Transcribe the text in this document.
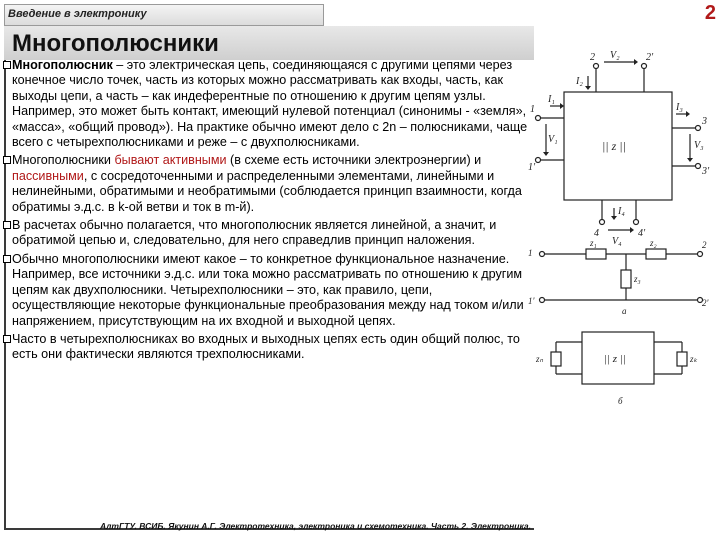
Введение в электронику	2
Многополюсники
Многополюсник – это электрическая цепь, соединяющаяся с другими цепями через конечное число точек, часть из которых можно рассматривать как входы, часть, как выходы цепи, а часть – как индеферентные по отношению к другим цепям узлы. Например, это может быть контакт, имеющий нулевой потенциал (синонимы - «земля», «масса», «общий провод»). На практике обычно имеют дело с 2n – полюсниками, чаще всего с четырехполюсниками и реже – с двухполюсниками.
Многополюсники бывают активными (в схеме есть источники электроэнергии) и пассивными, с сосредоточенными и распределенными элементами, линейными и нелинейными, обратимыми и необратимыми (соблюдается принцип взаимности, когда обратимы э.д.с. в k-ой ветви и ток в m-й).
В расчетах обычно полагается, что многополюсник является линейной, а значит, и обратимой цепью и, следовательно, для него справедлив принцип наложения.
Обычно многополюсники имеют какое – то конкретное функциональное назначение. Например, все источники э.д.с. или тока можно рассматривать по отношению к другим цепям как двухполюсники. Четырехполюсники – это, как правило, цепи, осуществляющие некоторые функциональные преобразования между над током и/или напряжением, присутствующим на их входной и выходной цепях.
Часто в четырехполюсниках во входных и выходных цепях есть один общий полюс, то есть они фактически являются трехполюсниками.
АлтГТУ. ВСИБ. Якунин А.Г. Электротехника, электроника и схемотехника. Часть 2. Электроника.
2 V₂	2'
I₂
1
I₁
V₁
1'
I₃
3
V₃
3'
4	4'
I₄
V₄
|| z ||
1
2
1'	2'
z₁	z₂
z₃
a
zₙ	zₖ
|| z ||
б
